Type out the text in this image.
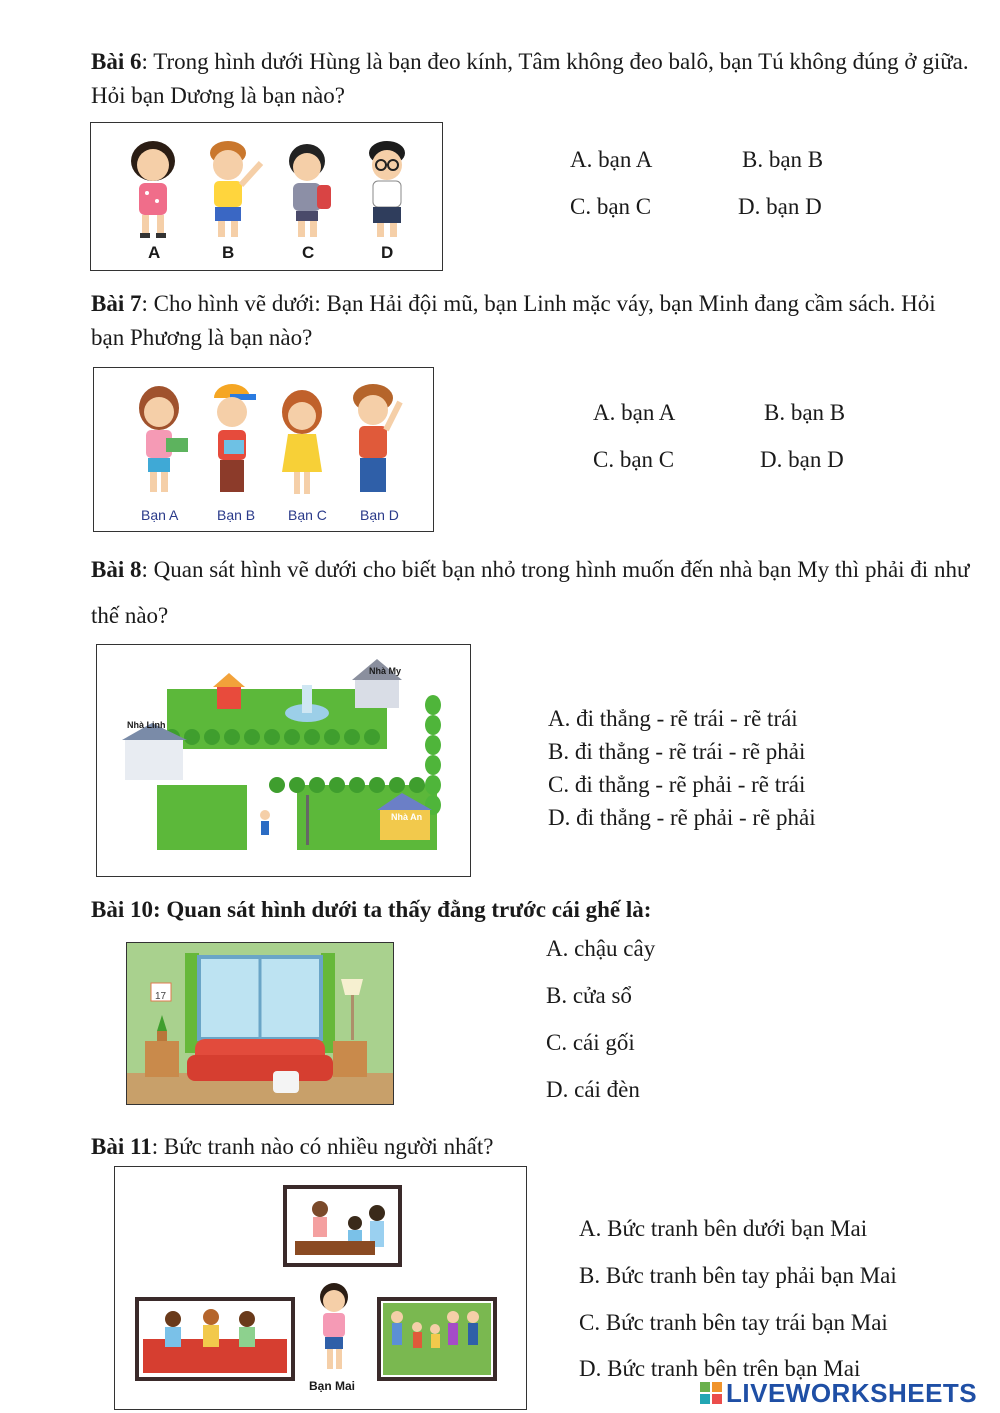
Bài 6: Trong hình dưới Hùng là bạn đeo kính, Tâm không đeo balô, bạn Tú không đúng ở giữa. Hỏi bạn Dương là bạn nào?
A	B	C	D
A. bạn A	B. bạn B
C. bạn C	D. bạn D
Bài 7: Cho hình vẽ dưới: Bạn Hải đội mũ, bạn Linh mặc váy, bạn Minh đang cầm sách. Hỏi bạn Phương là bạn nào?
Bạn A	Bạn B Bạn C Bạn D
A. bạn A	B. bạn B
C. bạn C	D. bạn D
Bài 8: Quan sát hình vẽ dưới cho biết bạn nhỏ trong hình muốn đến nhà bạn My thì phải đi như thế nào?
Nhà My
Nhà Linh
Nhà An
A. đi thẳng - rẽ trái - rẽ trái
B. đi thẳng - rẽ trái - rẽ phải
C. đi thẳng - rẽ phải - rẽ trái
D. đi thẳng - rẽ phải - rẽ phải
Bài 10: Quan sát hình dưới ta thấy đằng trước cái ghế là:
17
A. chậu cây
B. cửa sổ
C. cái gối
D. cái đèn
Bài 11: Bức tranh nào có nhiều người nhất?
Bạn Mai
A. Bức tranh bên dưới bạn Mai
B. Bức tranh bên tay phải bạn Mai
C. Bức tranh bên tay trái bạn Mai
D. Bức tranh bên trên bạn Mai
LIVEWORKSHEETS
